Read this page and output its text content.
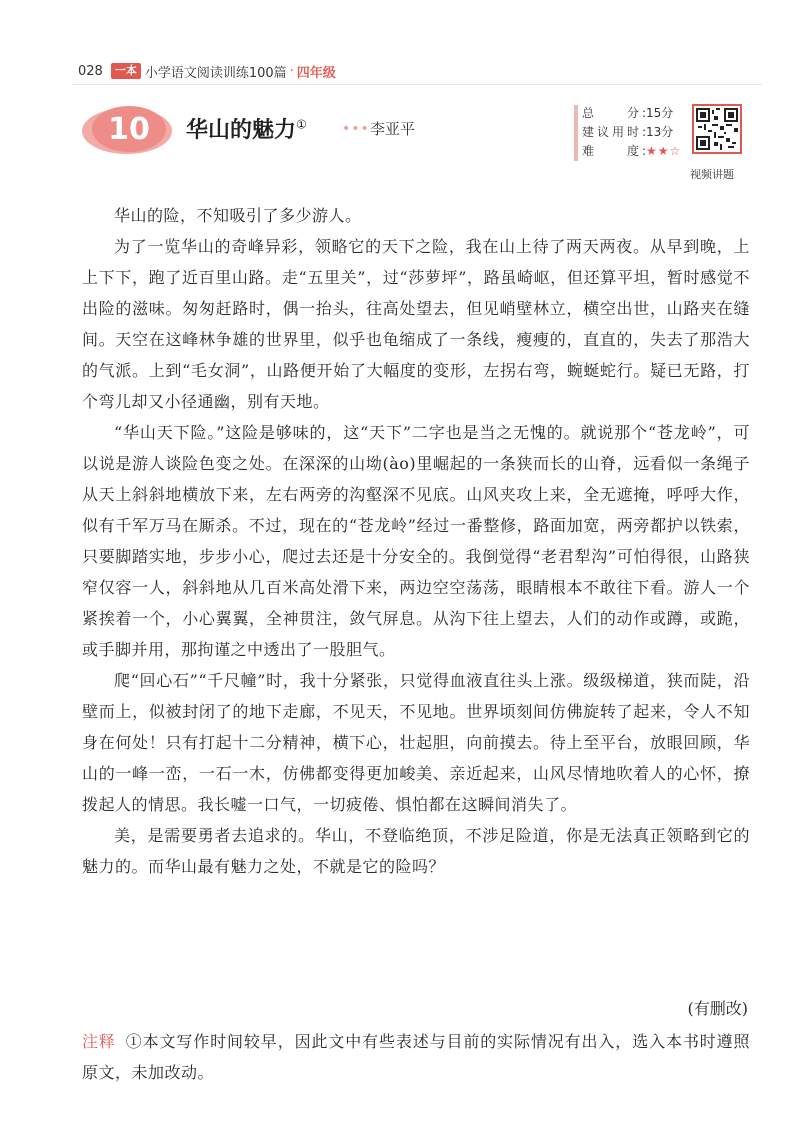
028	一本 小学语文阅读训练100篇 · 四年级
10	华山的魅力①	••• 李亚平
总　　分: 15分
建议用时: 13分
难　　度: ★★☆
视频讲题

华山的险，不知吸引了多少游人。

为了一览华山的奇峰异彩，领略它的天下之险，我在山上待了两天两夜。从早到晚，上上下下，跑了近百里山路。走“五里关”，过“莎萝坪”，路虽崎岖，但还算平坦，暂时感觉不出险的滋味。匆匆赶路时，偶一抬头，往高处望去，但见峭壁林立，横空出世，山路夹在缝间。天空在这峰林争雄的世界里，似乎也龟缩成了一条线，瘦瘦的，直直的，失去了那浩大的气派。上到“毛女洞”，山路便开始了大幅度的变形，左拐右弯，蜿蜒蛇行。疑已无路，打个弯儿却又小径通幽，别有天地。

“华山天下险。”这险是够味的，这“天下”二字也是当之无愧的。就说那个“苍龙岭”，可以说是游人谈险色变之处。在深深的山坳(ào)里崛起的一条狭而长的山脊，远看似一条绳子从天上斜斜地横放下来，左右两旁的沟壑深不见底。山风夹攻上来，全无遮掩，呼呼大作，似有千军万马在厮杀。不过，现在的“苍龙岭”经过一番整修，路面加宽，两旁都护以铁索，只要脚踏实地，步步小心，爬过去还是十分安全的。我倒觉得“老君犁沟”可怕得很，山路狭窄仅容一人，斜斜地从几百米高处滑下来，两边空空荡荡，眼睛根本不敢往下看。游人一个紧挨着一个，小心翼翼，全神贯注，敛气屏息。从沟下往上望去，人们的动作或蹲，或跪，或手脚并用，那拘谨之中透出了一股胆气。

爬“回心石”“千尺幢”时，我十分紧张，只觉得血液直往头上涨。级级梯道，狭而陡，沿壁而上，似被封闭了的地下走廊，不见天，不见地。世界顷刻间仿佛旋转了起来，令人不知身在何处！只有打起十二分精神，横下心，壮起胆，向前摸去。待上至平台，放眼回顾，华山的一峰一峦，一石一木，仿佛都变得更加峻美、亲近起来，山风尽情地吹着人的心怀，撩拨起人的情思。我长嘘一口气，一切疲倦、惧怕都在这瞬间消失了。

美，是需要勇者去追求的。华山，不登临绝顶，不涉足险道，你是无法真正领略到它的魅力的。而华山最有魅力之处，不就是它的险吗？

(有删改)
注释 ①本文写作时间较早，因此文中有些表述与目前的实际情况有出入，选入本书时遵照原文，未加改动。
